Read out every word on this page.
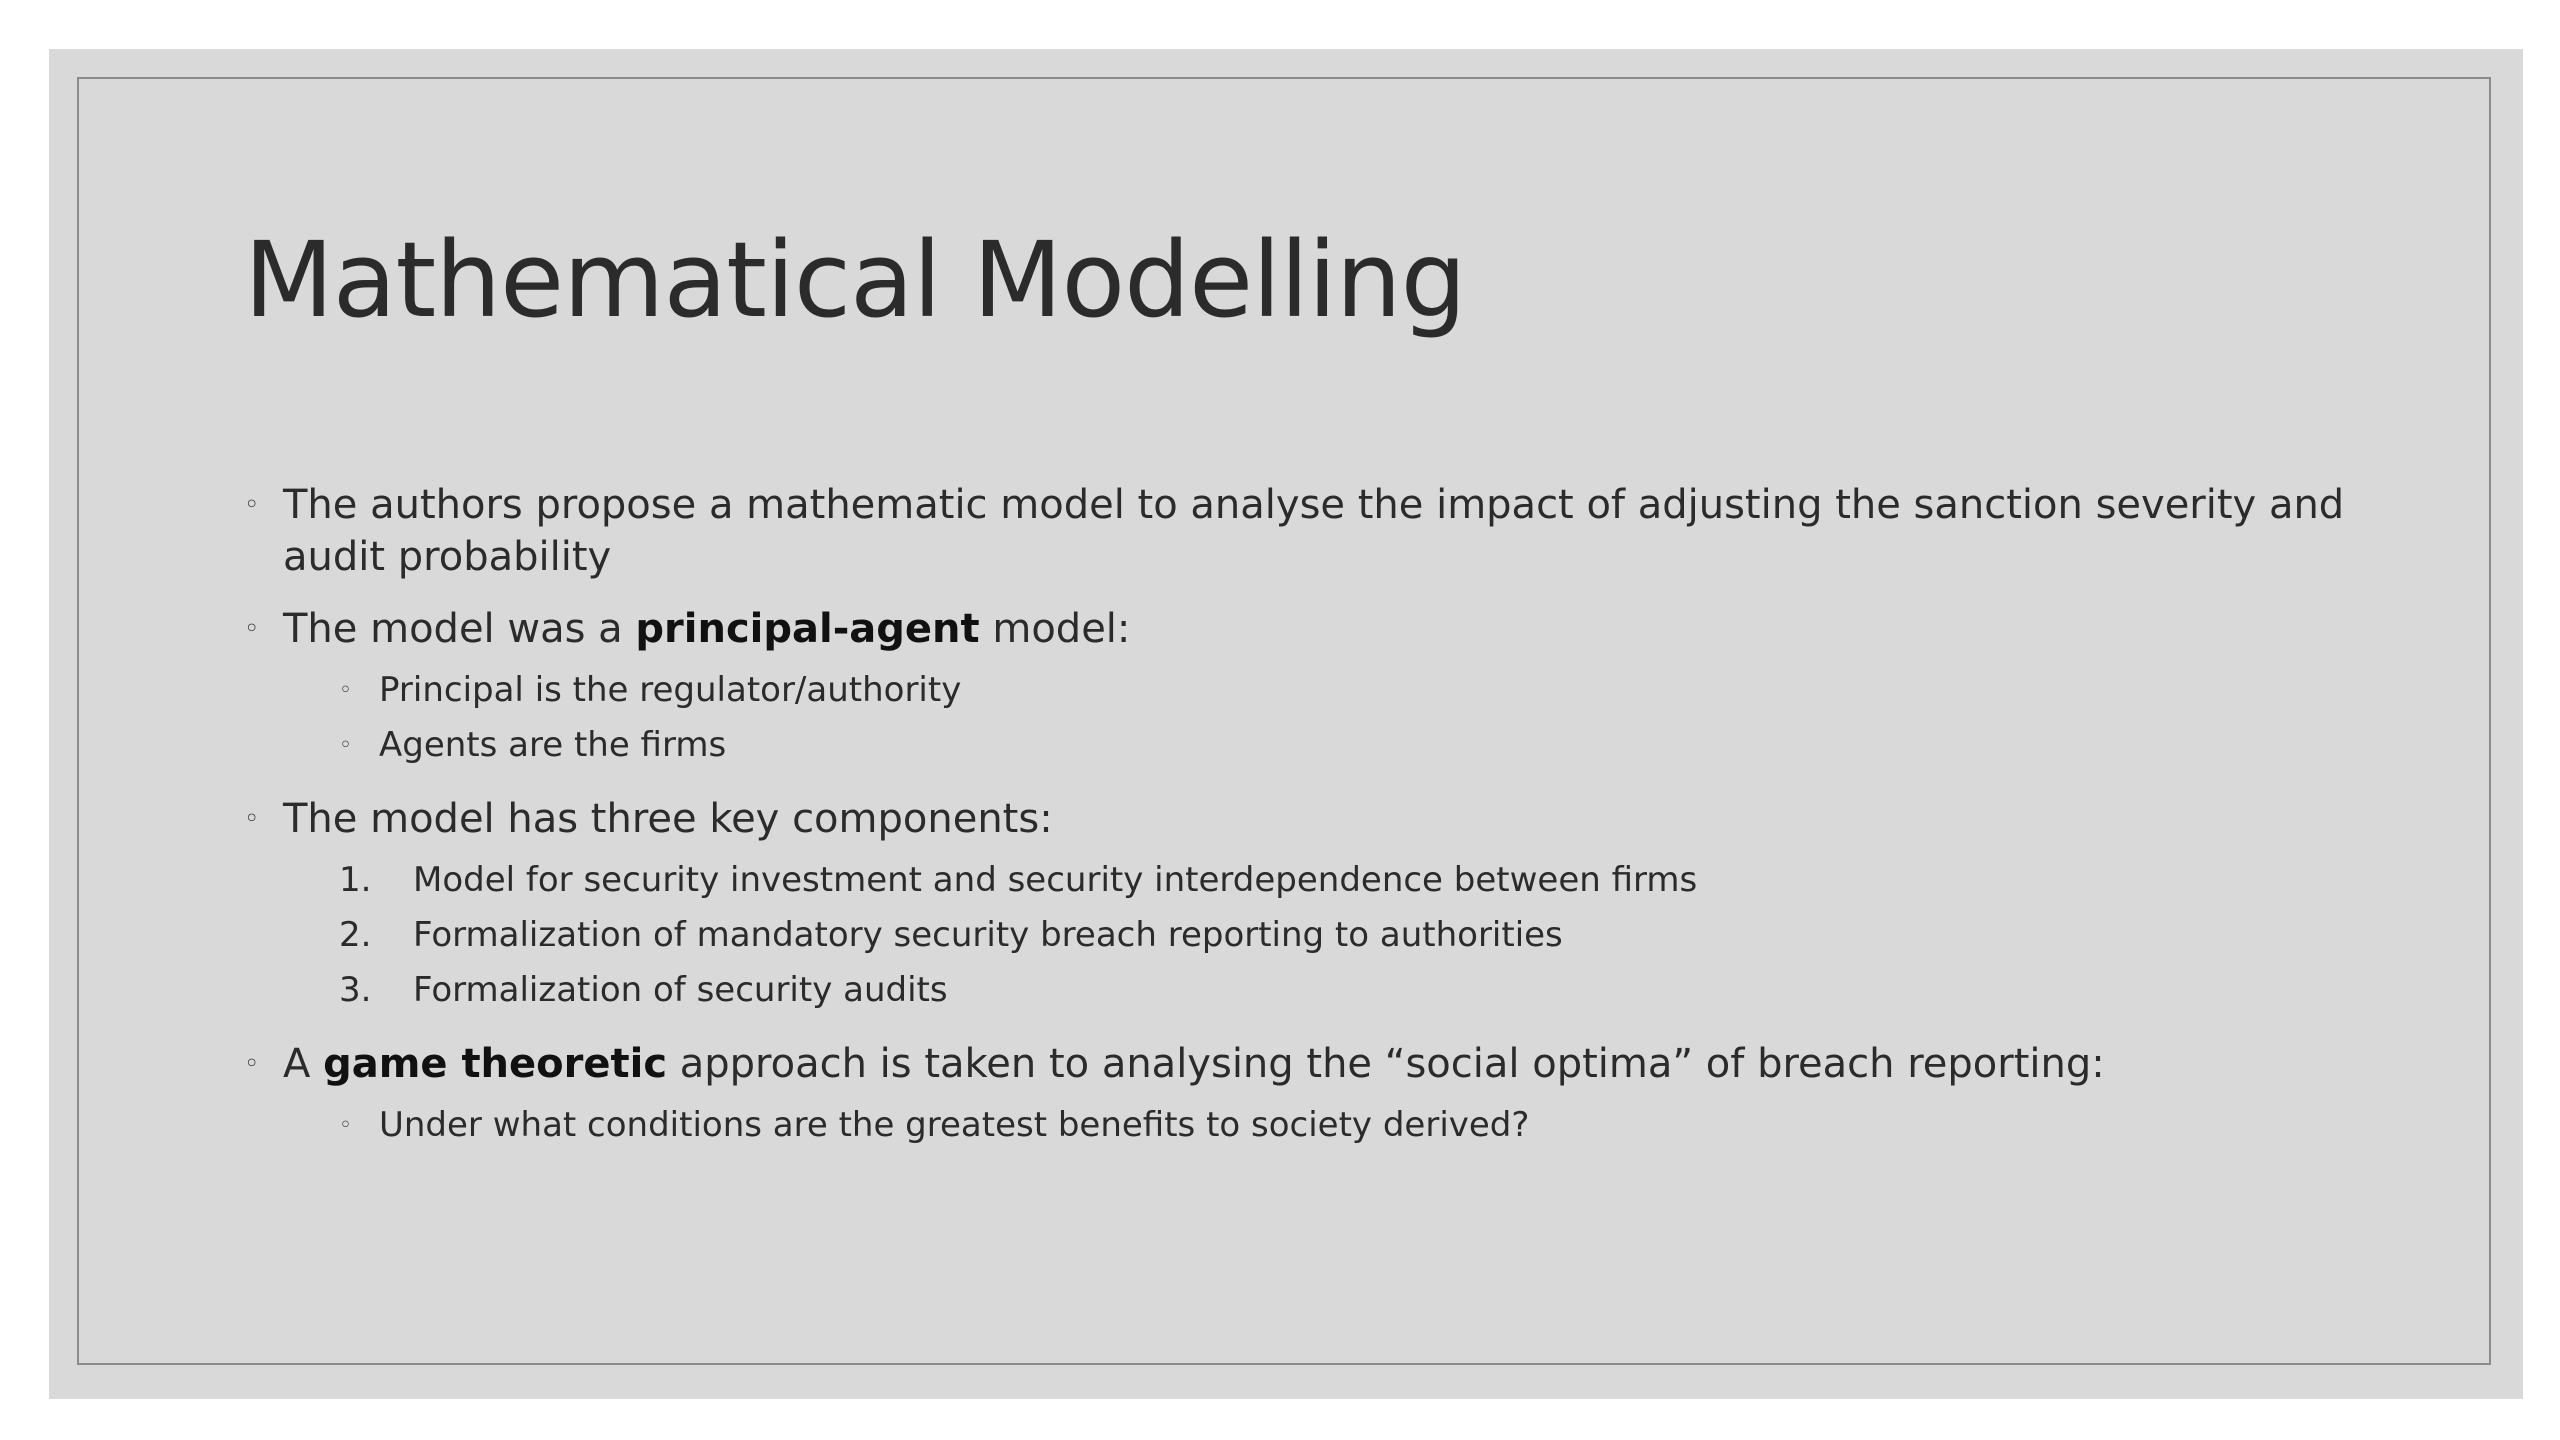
Mathematical Modelling
◦ The authors propose a mathematic model to analyse the impact of adjusting the sanction severity and audit probability
◦ The model was a principal-agent model:
◦ Principal is the regulator/authority
◦ Agents are the firms
◦ The model has three key components:
1. Model for security investment and security interdependence between firms
2. Formalization of mandatory security breach reporting to authorities
3. Formalization of security audits
◦ A game theoretic approach is taken to analysing the “social optima” of breach reporting:
◦ Under what conditions are the greatest benefits to society derived?
